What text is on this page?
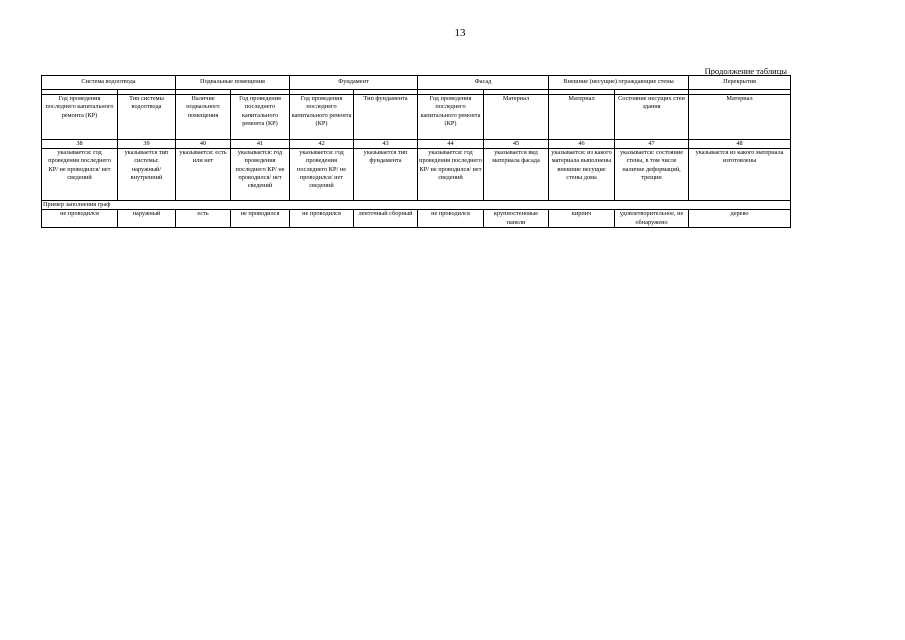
13
Продолжение таблицы
Система водоотвода		Подвальные помещения		Фундамент		Фасад		Внешние (несущие) ограждающие стены		Перекрытия

Год проведения последнего капитального ремонта (КР)	Тип системы водоотвода	Наличие подвального помещения	Год проведения последнего капитального ремонта (КР)	Год проведения последнего капитального ремонта (КР)	Тип фундамента	Год проведения последнего капитального ремонта (КР)	Материал	Материал	Состояние несущих стен здания	Материал
38	39	40	41	42	43	44	45	46	47	48
указывается: год проведения последнего КР/ не проводился/ нет сведений	указывается тип системы: наружный/ внутренний	указывается: есть или нет	указывается: год проведения последнего КР/ не проводился/ нет сведений	указывается: год проведения последнего КР/ не проводился/ нет сведений	указывается тип фундамента	указывается: год проведения последнего КР/ не проводился/ нет сведений	указывается вид материала фасада	указывается: из какого материала выполнены внешние несущие стены дома	указывается: состояние стены, в том числе наличие деформаций, трещин	указывается из какого материала изготовлены
Пример заполнения граф										
не проводился	наружный	есть	не проводился	не проводился	ленточный сборный	не проводился	крупностеновые панели	кирпич	удовлетворительное, не обнаружено	дерево
